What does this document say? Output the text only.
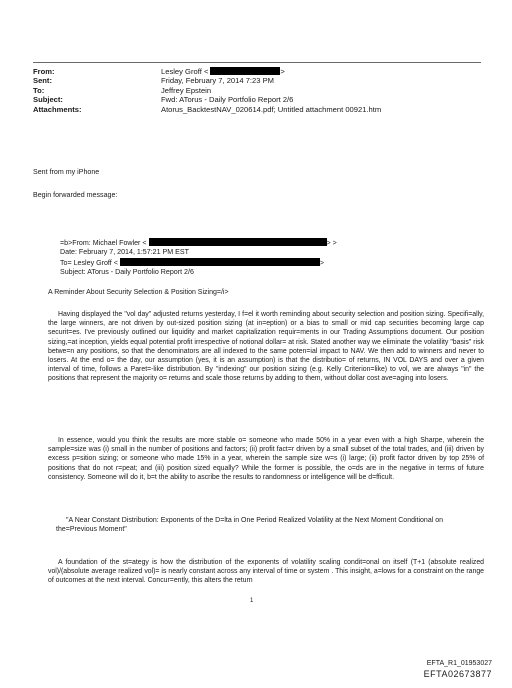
From:	Lesley Groff <	>
Sent:	Friday, February 7, 2014 7:23 PM
To:	Jeffrey Epstein
Subject:	Fwd: ATorus - Daily Portfolio Report 2/6
Attachments:	Atorus_BacktestNAV_020614.pdf; Untitled attachment 00921.htm
Sent from my iPhone
Begin forwarded message:
=b>From: Michael Fowler <	> >
Date: February 7, 2014, 1:57:21 PM EST
To= Lesley Groff <	>
Subject: ATorus - Daily Portfolio Report 2/6
A Reminder About Security Selection & Position Sizing=/i>
Having displayed the "vol day" adjusted returns yesterday, I f=el it worth reminding about security selection and position sizing. Specifi=ally, the large winners, are not driven by out-sized position sizing (at in=eption) or a bias to small or mid cap securities becoming large cap securit=es. I've previously outlined our liquidity and market capitalization requir=ments in our Trading Assumptions document. Our position sizing,=at inception, yields equal potential profit irrespective of notional dollar= at risk. Stated another way we eliminate the volatility "basis" risk betwe=n any positions, so that the denominators are all indexed to the same poten=ial impact to NAV. We then add to winners and never to losers. At the end o= the day, our assumption (yes, it is an assumption) is that the distributio= of returns, IN VOL DAYS and over a given interval of time, follows a Paret=-like distribution. By "indexing" our position sizing (e.g. Kelly Criterion=like) to vol, we are always "in" the positions that represent the majority o= returns and scale those returns by adding to them, without dollar cost ave=aging into losers.
In essence, would you think the results are more stable o= someone who made 50% in a year even with a high Sharpe, wherein the sample=size was (i) small in the number of positions and factors; (ii) profit fact=r driven by a small subset of the total trades, and (iii) driven by excess p=sition sizing; or someone who made 15% in a year, wherein the sample size w=s (i) large; (ii) profit factor driven by top 25% of positions that do not r=peat; and (iii) position sized equally? While the former is possible, the o=ds are in the negative in terms of future consistency. Someone will do it, b=t the ability to ascribe the results to randomness or intelligence will be d=fficult.
"A Near Constant Distribution: Exponents of the D=lta in One Period Realized Volatility at the Next Moment Conditional on the=Previous Moment"
A foundation of the st=ategy is how the distribution of the exponents of volatility scaling condit=onal on itself (T+1 (absolute realized vol)/(absolute average realized vol)= is nearly constant across any interval of time or system . This insight, a=lows for a constraint on the range of outcomes at the next interval. Concur=ently, this alters the return
1
EFTA_R1_01953027
EFTA02673877
